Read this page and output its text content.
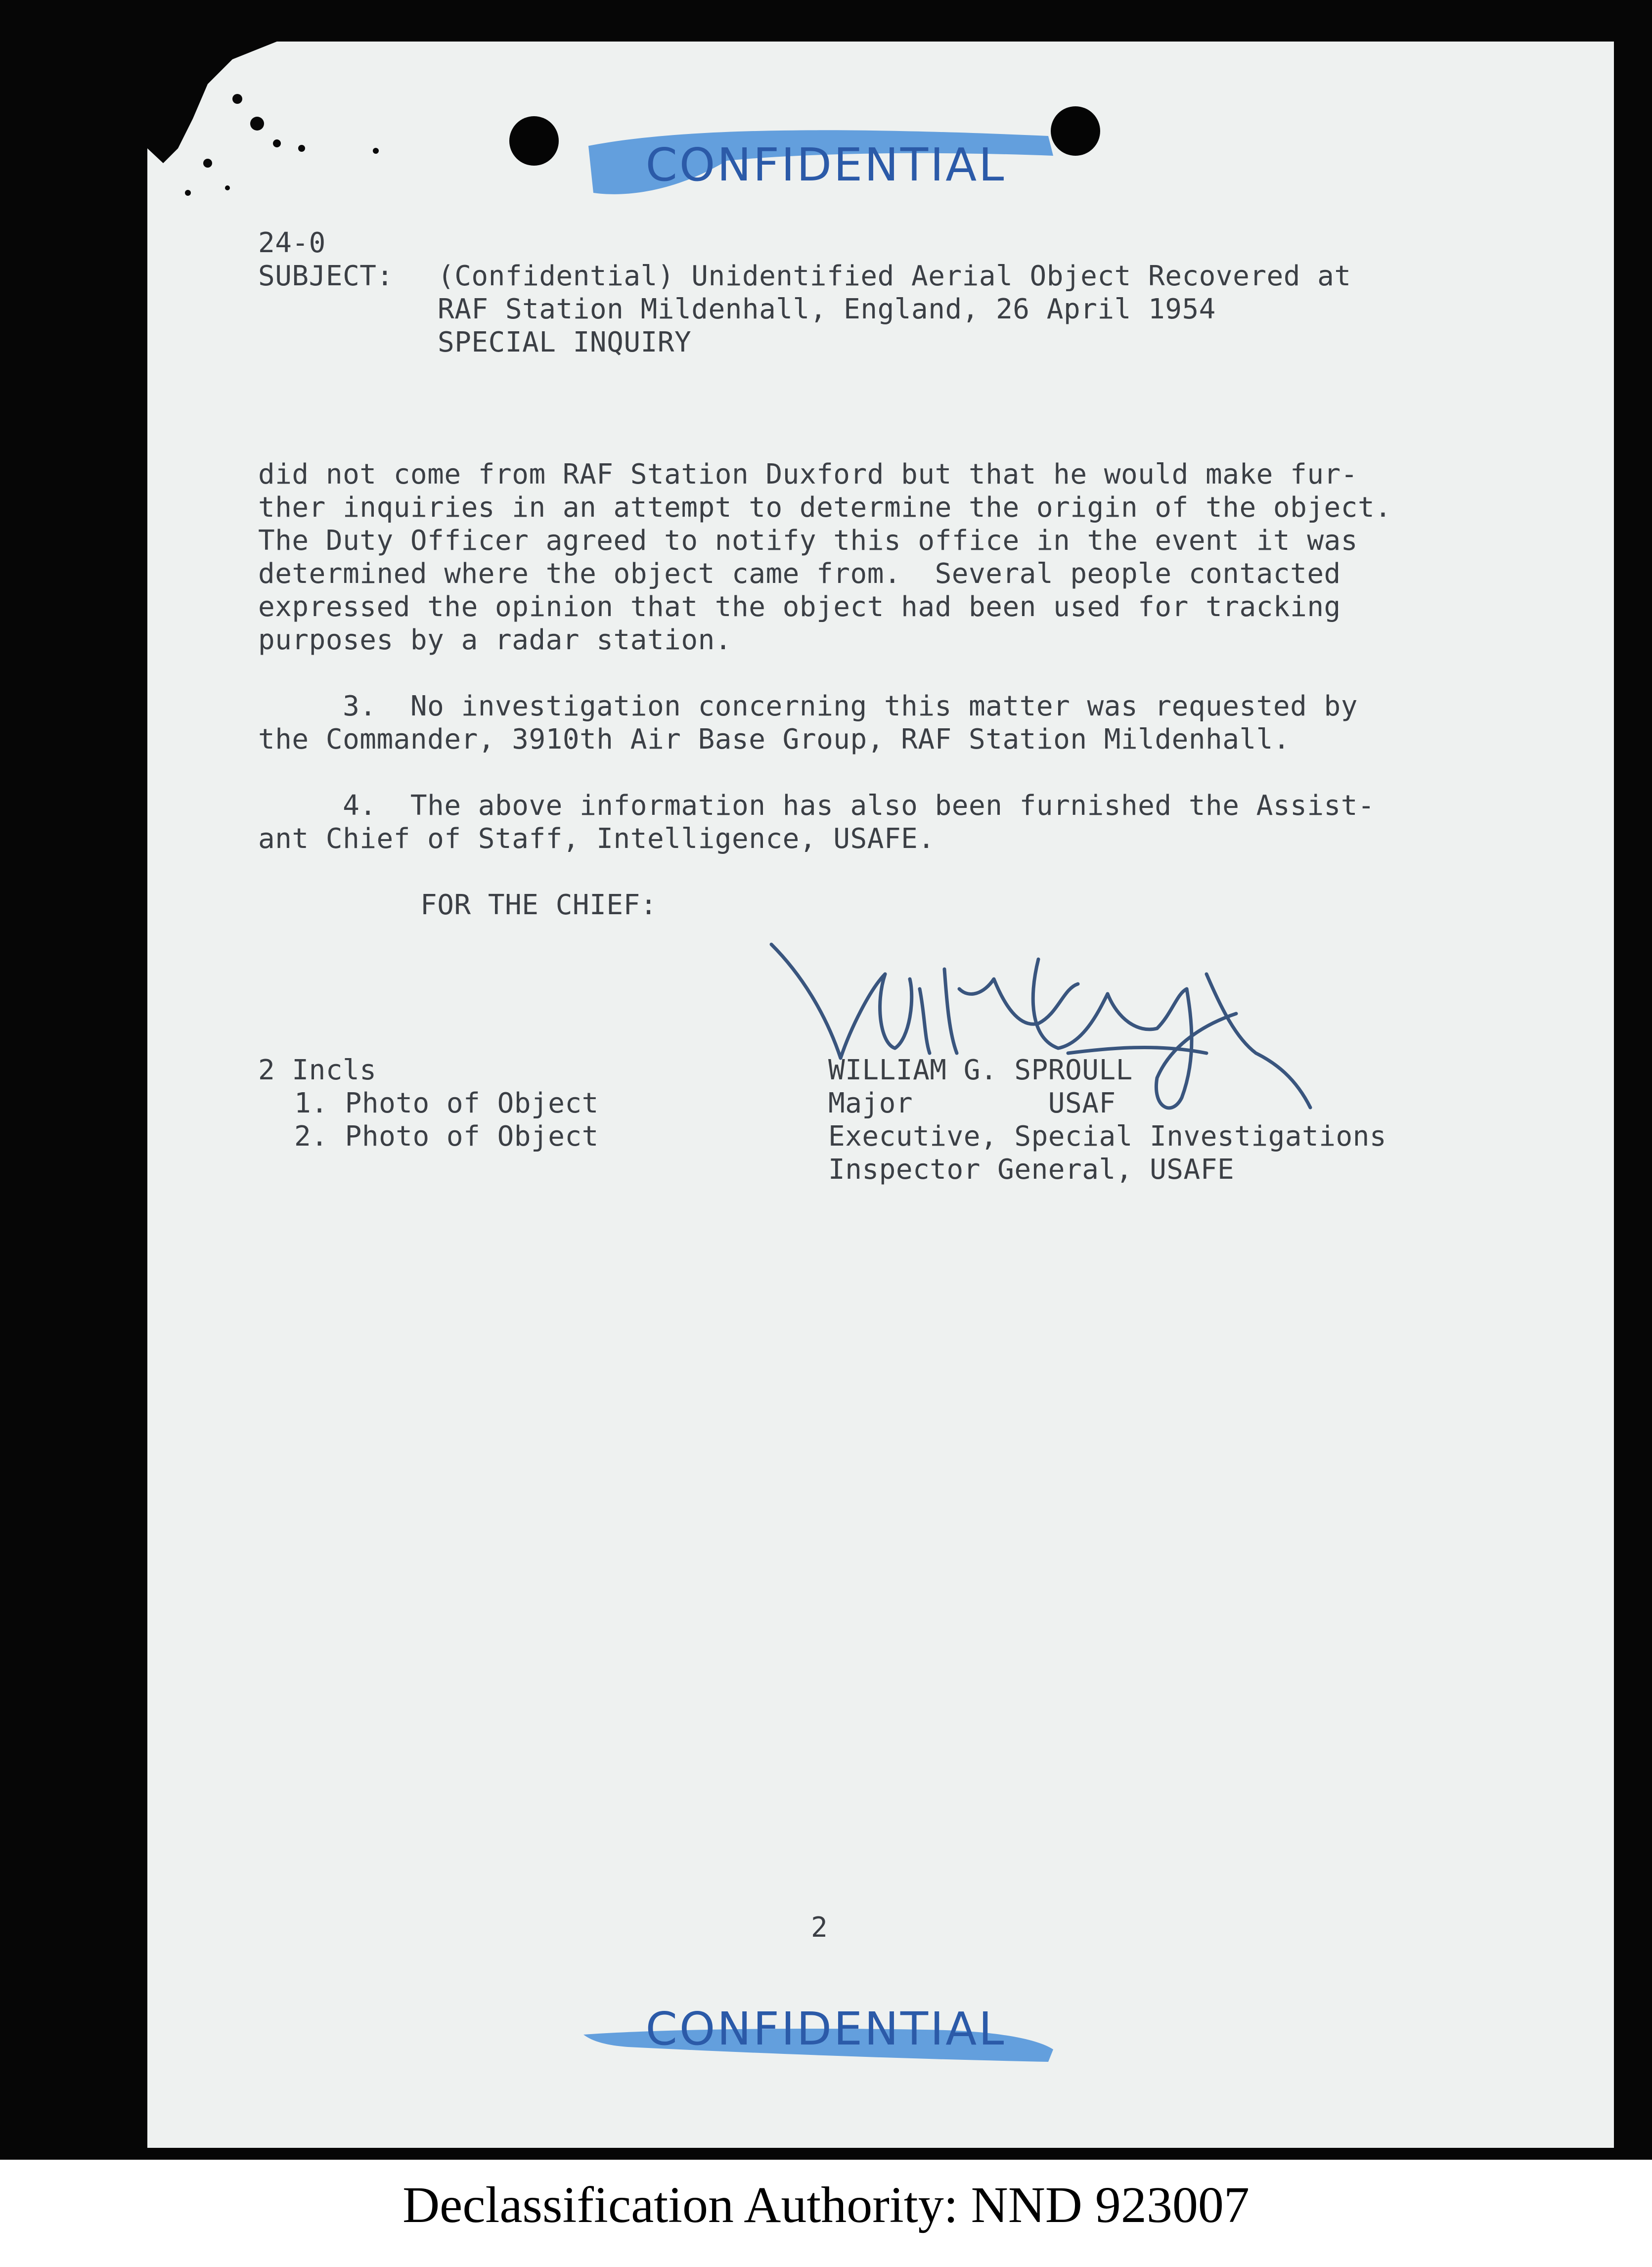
CONFIDENTIAL
24-0
SUBJECT: (Confidential) Unidentified Aerial Object Recovered at
RAF Station Mildenhall, England, 26 April 1954
SPECIAL INQUIRY
did not come from RAF Station Duxford but that he would make fur-
ther inquiries in an attempt to determine the origin of the object.
The Duty Officer agreed to notify this office in the event it was
determined where the object came from.  Several people contacted
expressed the opinion that the object had been used for tracking
purposes by a radar station.
3.  No investigation concerning this matter was requested by
the Commander, 3910th Air Base Group, RAF Station Mildenhall.
4.  The above information has also been furnished the Assist-
ant Chief of Staff, Intelligence, USAFE.
FOR THE CHIEF:
2 Incls
1. Photo of Object
2. Photo of Object
WILLIAM G. SPROULL
Major        USAF
Executive, Special Investigations
Inspector General, USAFE
2
CONFIDENTIAL
Declassification Authority: NND 923007
